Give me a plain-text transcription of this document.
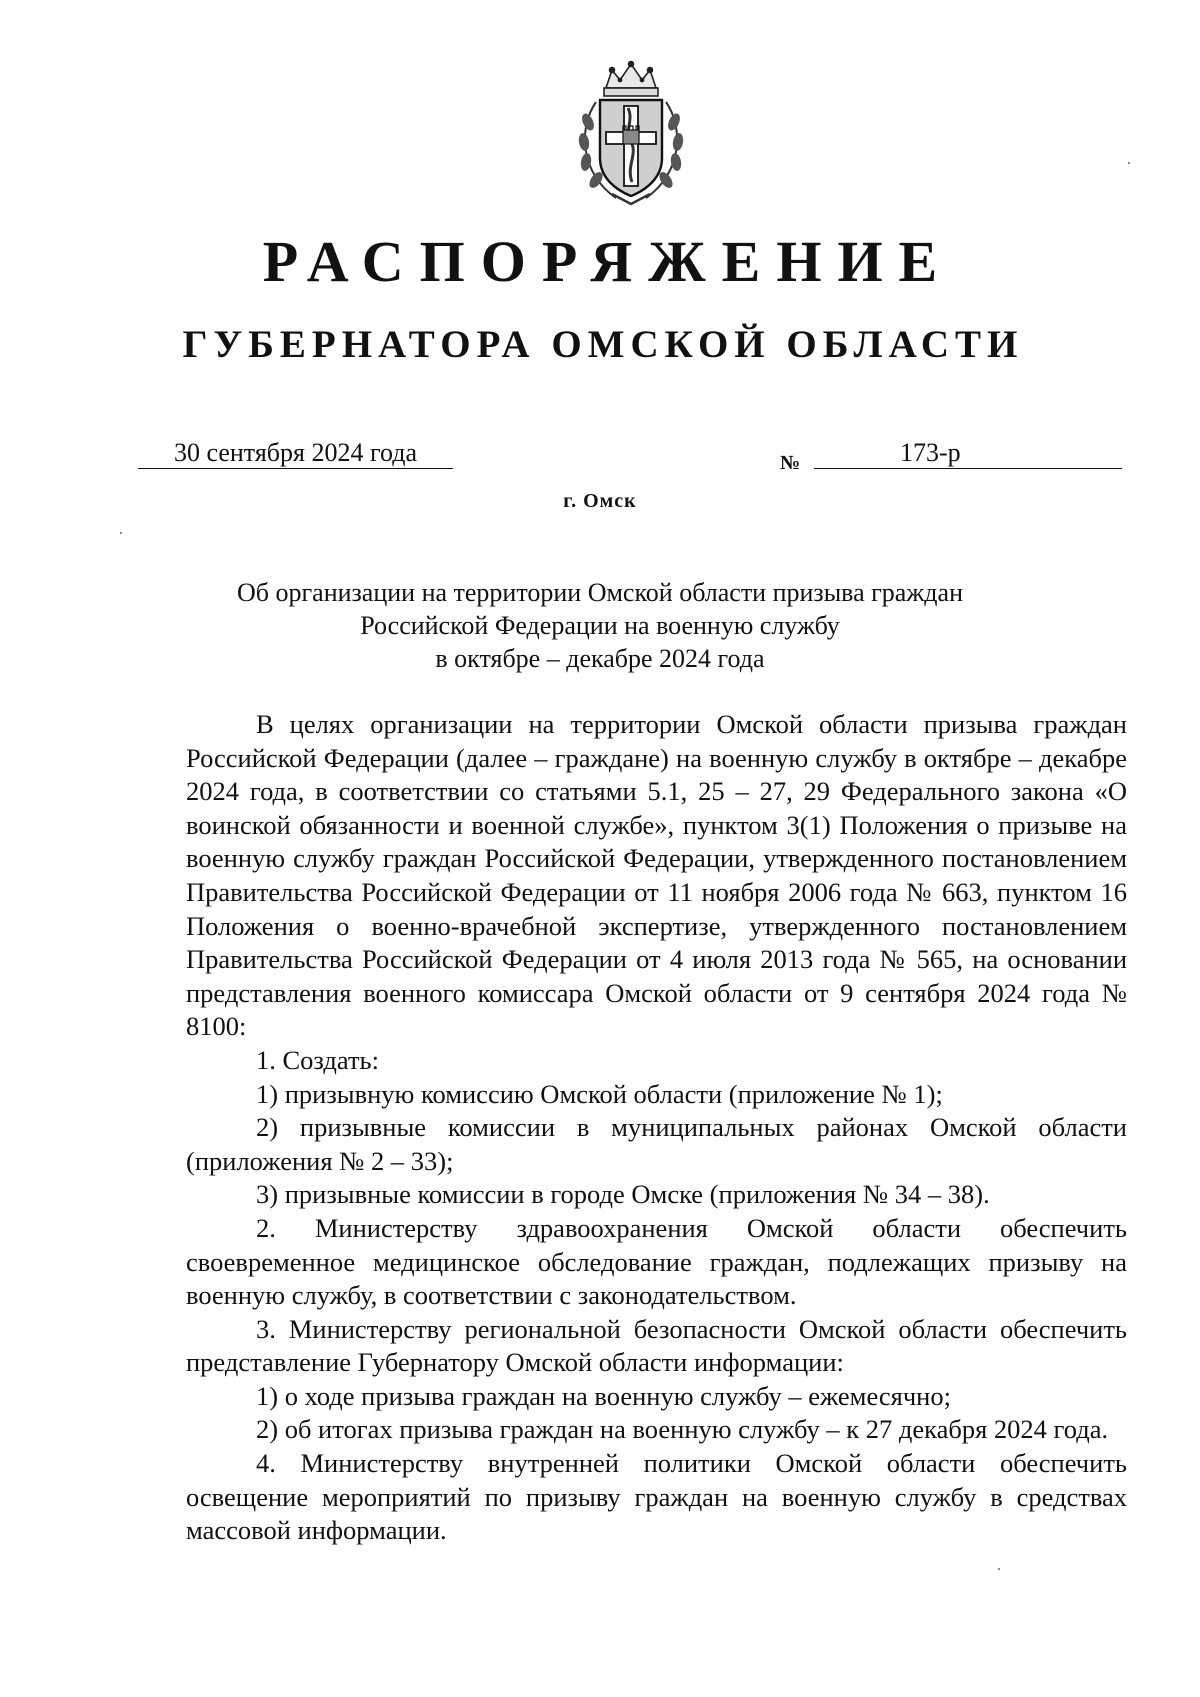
РАСПОРЯЖЕНИЕ
ГУБЕРНАТОРА ОМСКОЙ ОБЛАСТИ
30 сентября 2024 года	№	173-р
г. Омск
Об организации на территории Омской области призыва граждан
Российской Федерации на военную службу
в октябре – декабре 2024 года

В целях организации на территории Омской области призыва граждан Российской Федерации (далее – граждане) на военную службу в октябре – декабре 2024 года, в соответствии со статьями 5.1, 25 – 27, 29 Федерального закона «О воинской обязанности и военной службе», пунктом 3(1) Положения о призыве на военную службу граждан Российской Федерации, утвержденного постановлением Правительства Российской Федерации от 11 ноября 2006 года № 663, пунктом 16 Положения о военно-врачебной экспертизе, утвержденного постановлением Правительства Российской Федерации от 4 июля 2013 года № 565, на основании представления военного комиссара Омской области от 9 сентября 2024 года № 8100:

1. Создать:

1) призывную комиссию Омской области (приложение № 1);

2) призывные комиссии в муниципальных районах Омской области (приложения № 2 – 33);

3) призывные комиссии в городе Омске (приложения № 34 – 38).

2. Министерству здравоохранения Омской области обеспечить своевременное медицинское обследование граждан, подлежащих призыву на военную службу, в соответствии с законодательством.

3. Министерству региональной безопасности Омской области обеспечить представление Губернатору Омской области информации:

1) о ходе призыва граждан на военную службу – ежемесячно;

2) об итогах призыва граждан на военную службу – к 27 декабря 2024 года.

4. Министерству внутренней политики Омской области обеспечить освещение мероприятий по призыву граждан на военную службу в средствах массовой информации.
